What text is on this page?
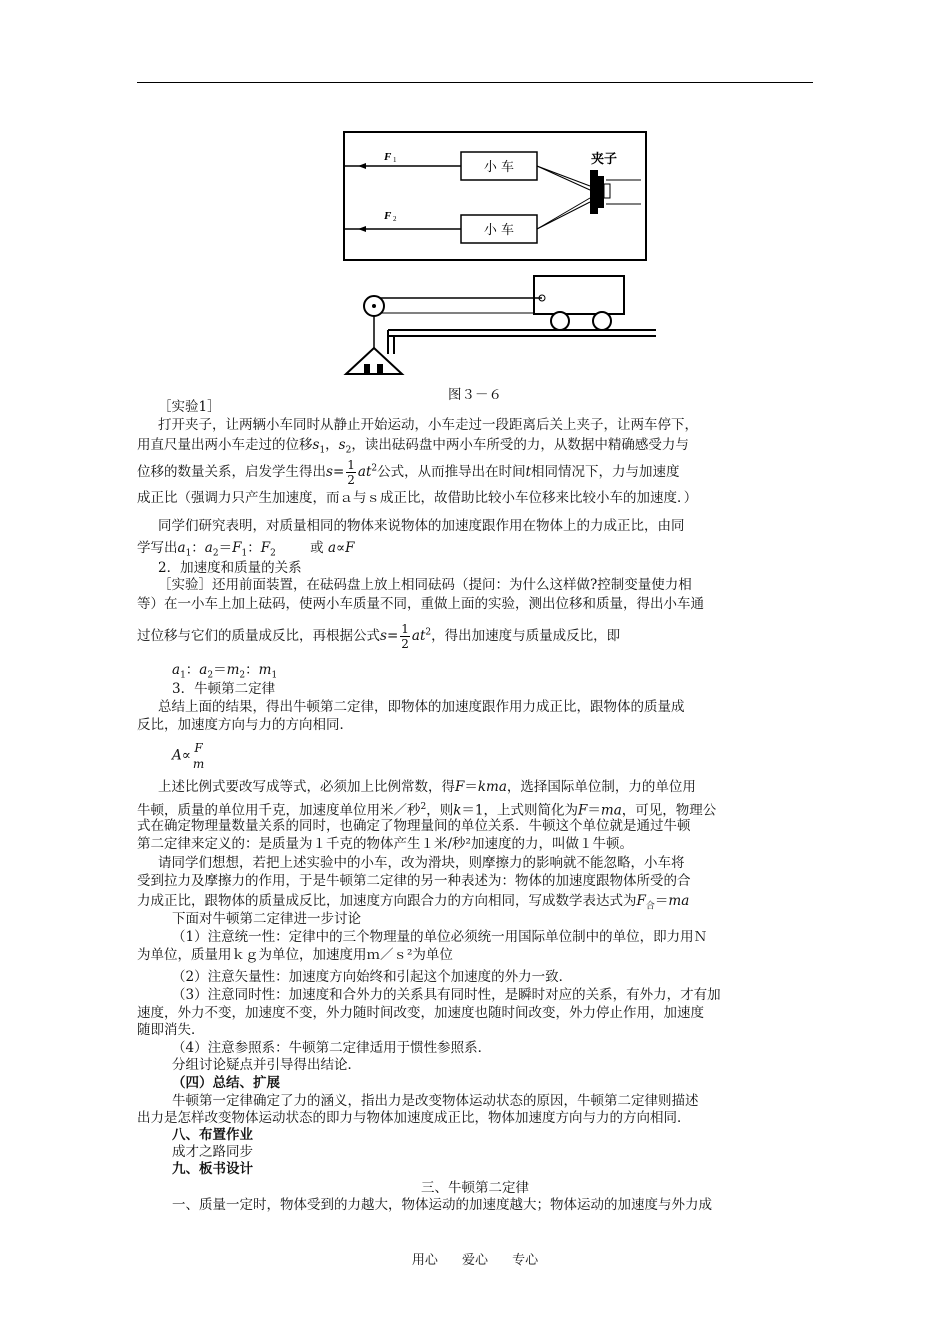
F 1
F 2
小 车
小 车
夹子
图３－６
［实验1］
打开夹子，让两辆小车同时从静止开始运动，小车走过一段距离后关上夹子，让两车停下，
用直尺量出两小车走过的位移$s_1$，$s_2$，读出砝码盘中两小车所受的力，从数据中精确感受力与
位移的数量关系，启发学生得出$s= \frac{1}{2} at^2$公式，从而推导出在时间t相同情况下，力与加速度
成正比（强调力只产生加速度，而ａ与ｓ成正比，故借助比较小车位移来比较小车的加速度．）
同学们研究表明，对质量相同的物体来说物体的加速度跟作用在物体上的力成正比，由同
学写出$a_1$：$a_2=F_1$：$F_2$	或 a∝F
2．加速度和质量的关系
［实验］还用前面装置，在砝码盘上放上相同砝码（提问：为什么这样做?控制变量使力相
等）在一小车上加上砝码，使两小车质量不同，重做上面的实验，测出位移和质量，得出小车通
过位移与它们的质量成反比，再根据公式$s= \frac{1}{2} at^2$，得出加速度与质量成反比，即
$a_1$：$a_2=m_2$：$m_1$
3．牛顿第二定律
总结上面的结果，得出牛顿第二定律，即物体的加速度跟作用力成正比，跟物体的质量成
反比，加速度方向与力的方向相同．
A∝ F
m
上述比例式要改写成等式，必须加上比例常数，得F＝kma，选择国际单位制，力的单位用
牛顿，质量的单位用千克，加速度单位用米／秒$^2$，则k＝1，上式则简化为F＝ma，可见，物理公
式在确定物理量数量关系的同时，也确定了物理量间的单位关系．牛顿这个单位就是通过牛顿
第二定律来定义的：是质量为１千克的物体产生１米/秒²加速度的力，叫做１牛顿。
请同学们想想，若把上述实验中的小车，改为滑块，则摩擦力的影响就不能忽略，小车将
受到拉力及摩擦力的作用，于是牛顿第二定律的另一种表述为：物体的加速度跟物体所受的合
力成正比，跟物体的质量成反比，加速度方向跟合力的方向相同，写成数学表达式为$F_合=ma$
下面对牛顿第二定律进一步讨论
（1）注意统一性：定律中的三个物理量的单位必须统一用国际单位制中的单位，即力用Ｎ
为单位，质量用ｋｇ为单位，加速度用ｍ／ｓ²为单位
（2）注意矢量性：加速度方向始终和引起这个加速度的外力一致．
（3）注意同时性：加速度和合外力的关系具有同时性，是瞬时对应的关系，有外力，才有加
速度，外力不变，加速度不变，外力随时间改变，加速度也随时间改变，外力停止作用，加速度
随即消失．
（4）注意参照系：牛顿第二定律适用于惯性参照系．
分组讨论疑点并引导得出结论．
（四）总结、扩展
牛顿第一定律确定了力的涵义，指出力是改变物体运动状态的原因，牛顿第二定律则描述
出力是怎样改变物体运动状态的即力与物体加速度成正比，物体加速度方向与力的方向相同．
八、布置作业
成才之路同步
九、板书设计
三、牛顿第二定律
一、质量一定时，物体受到的力越大，物体运动的加速度越大；物体运动的加速度与外力成
用心 爱心 专心
